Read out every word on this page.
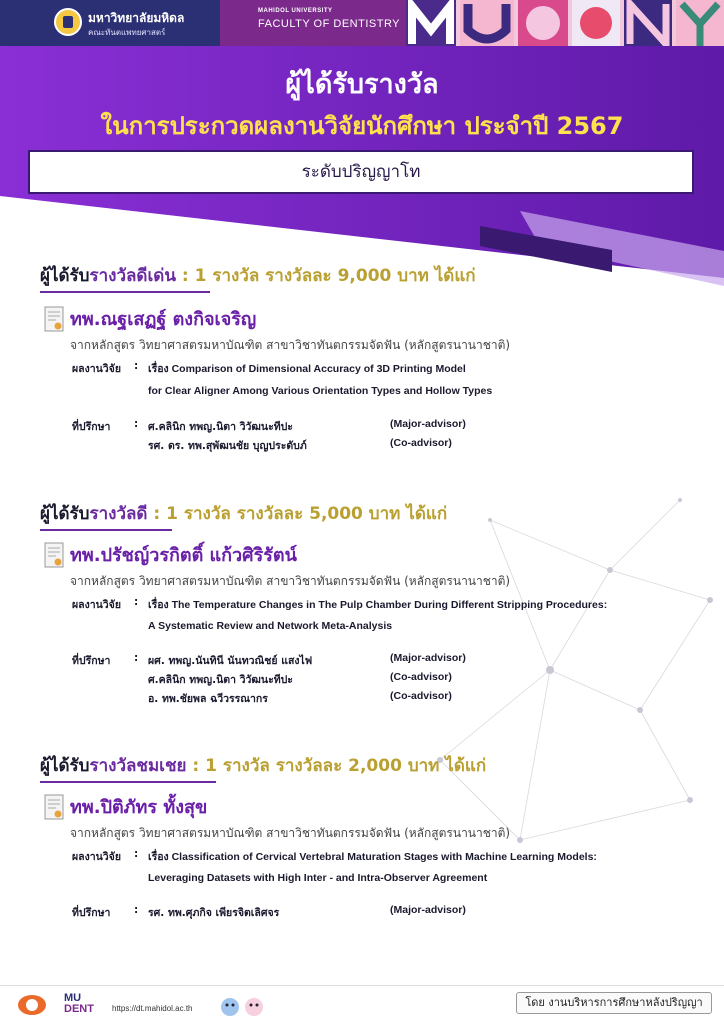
มหาวิทยาลัยมหิดล
คณะทันตแพทยศาสตร์
MAHIDOL UNIVERSITY
FACULTY OF DENTISTRY
ผู้ได้รับรางวัล
ในการประกวดผลงานวิจัยนักศึกษา ประจำปี 2567
ระดับปริญญาโท
ผู้ได้รับรางวัลดีเด่น : 1 รางวัล รางวัลละ 9,000 บาท ได้แก่
ทพ.ณฐเสฏฐ์ ตงกิจเจริญ
จากหลักสูตร วิทยาศาสตรมหาบัณฑิต สาขาวิชาทันตกรรมจัดฟัน (หลักสูตรนานาชาติ)
ผลงานวิจัย : เรื่อง Comparison of Dimensional Accuracy of 3D Printing Model
for Clear Aligner Among Various Orientation Types and Hollow Types
ที่ปรึกษา : ศ.คลินิก ทพญ.นิตา วิวัฒนะทีปะ	(Major-advisor)
รศ. ดร. ทพ.สุพัฒนชัย บุญประดับภ์	(Co-advisor)
ผู้ได้รับรางวัลดี : 1 รางวัล รางวัลละ 5,000 บาท ได้แก่
ทพ.ปรัชญ์วรกิตติ์ แก้วศิริรัตน์
จากหลักสูตร วิทยาศาสตรมหาบัณฑิต สาขาวิชาทันตกรรมจัดฟัน (หลักสูตรนานาชาติ)
ผลงานวิจัย : เรื่อง The Temperature Changes in The Pulp Chamber During Different Stripping Procedures:
A Systematic Review and Network Meta-Analysis
ที่ปรึกษา : ผศ. ทพญ.นันทินี นันทวณิชย์ แสงไฟ	(Major-advisor)
ศ.คลินิก ทพญ.นิตา วิวัฒนะทีปะ	(Co-advisor)
อ. ทพ.ชัยพล ฉวีวรรณากร	(Co-advisor)
ผู้ได้รับรางวัลชมเชย : 1 รางวัล รางวัลละ 2,000 บาท ได้แก่
ทพ.ปิติภัทร ทั้งสุข
จากหลักสูตร วิทยาศาสตรมหาบัณฑิต สาขาวิชาทันตกรรมจัดฟัน (หลักสูตรนานาชาติ)
ผลงานวิจัย : เรื่อง Classification of Cervical Vertebral Maturation Stages with Machine Learning Models:
Leveraging Datasets with High Inter - and Intra-Observer Agreement
ที่ปรึกษา : รศ. ทพ.ศุภกิจ เพียรจิตเลิศจร	(Major-advisor)
MU
DENT https://dt.mahidol.ac.th	โดย งานบริหารการศึกษาหลังปริญญา
